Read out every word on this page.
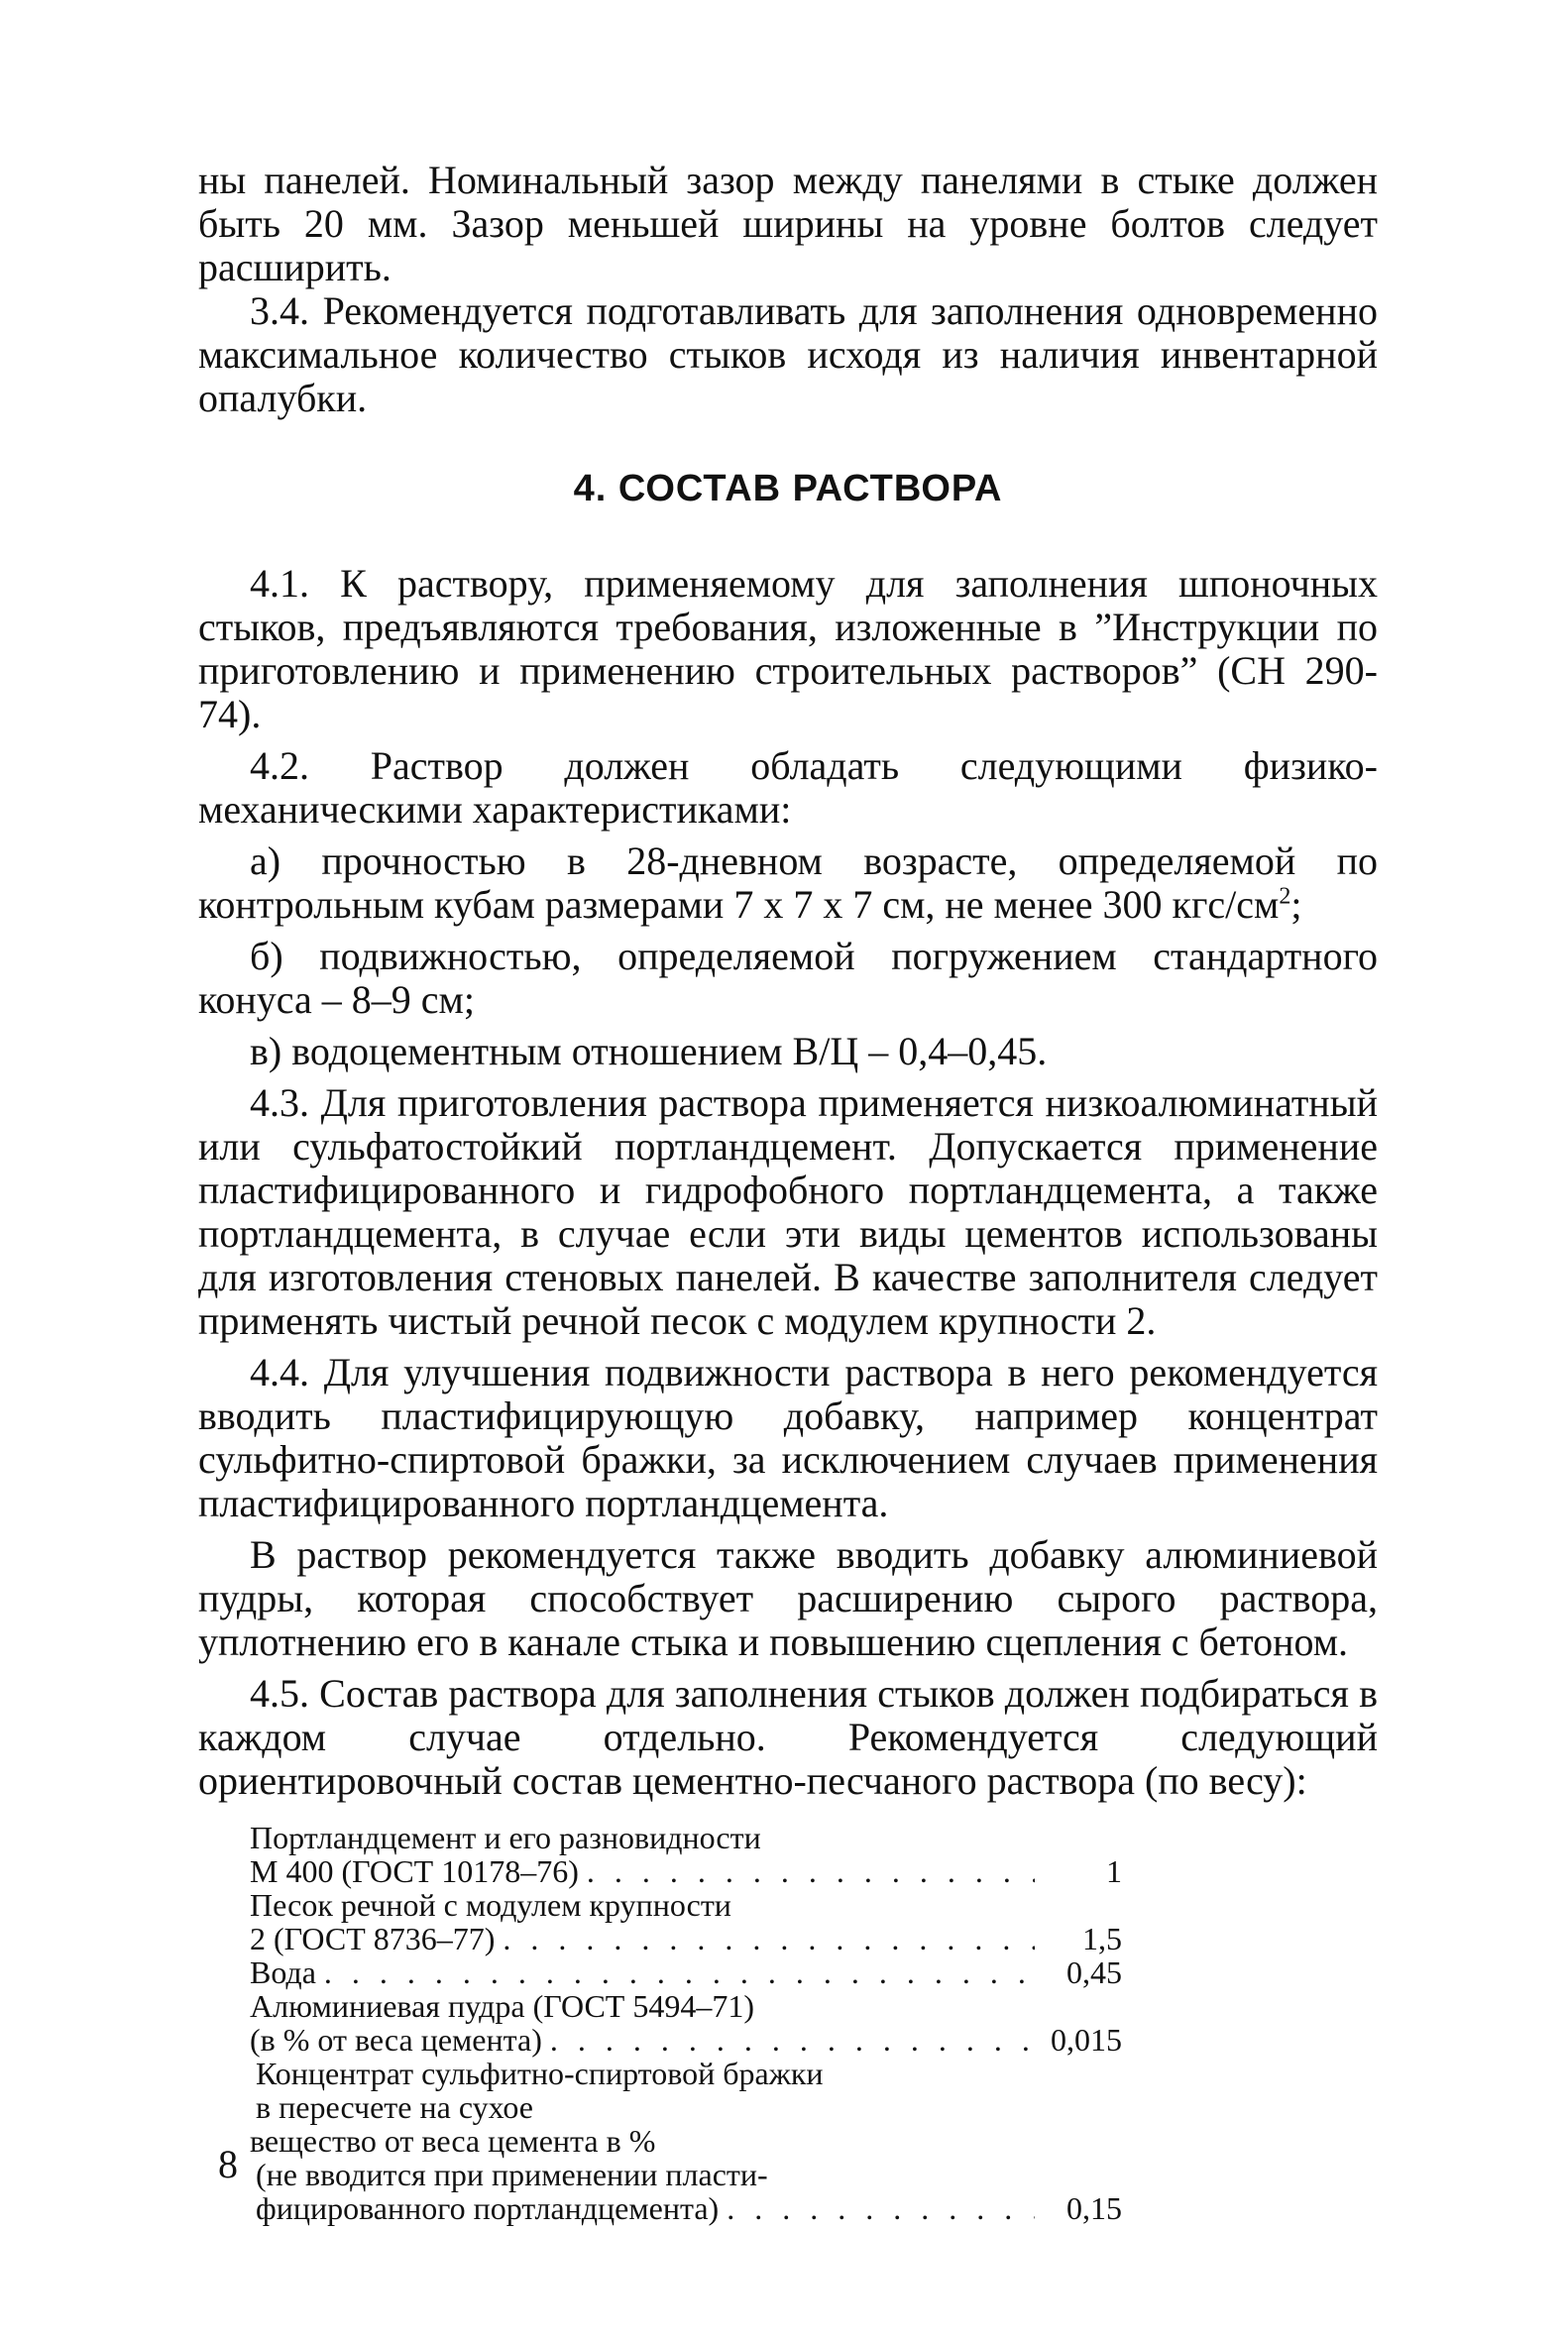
ны панелей. Номинальный зазор между панелями в стыке должен быть 20 мм. Зазор меньшей ширины на уровне болтов следует расширить.

3.4. Рекомендуется подготавливать для заполнения одновременно максимальное количество стыков исходя из наличия инвентарной опалубки.

4. СОСТАВ РАСТВОРА

4.1. К раствору, применяемому для заполнения шпоночных стыков, предъявляются требования, изложенные в ”Инструкции по приготовлению и применению строительных растворов” (СН 290-74).

4.2. Раствор должен обладать следующими физико-механическими характеристиками:

а) прочностью в 28-дневном возрасте, определяемой по контрольным кубам размерами 7 х 7 х 7 см, не менее 300 кгс/$см^2$;

б) подвижностью, определяемой погружением стандартного конуса – 8–9 см;

в) водоцементным отношением В/Ц – 0,4–0,45.

4.3. Для приготовления раствора применяется низкоалюминатный или сульфатостойкий портландцемент. Допускается применение пластифицированного и гидрофобного портландцемента, а также портландцемента, в случае если эти виды цементов использованы для изготовления стеновых панелей. В качестве заполнителя следует применять чистый речной песок с модулем крупности 2.

4.4. Для улучшения подвижности раствора в него рекомендуется вводить пластифицирующую добавку, например концентрат сульфитно-спиртовой бражки, за исключением случаев применения пластифицированного портландцемента.

В раствор рекомендуется также вводить добавку алюминиевой пудры, которая способствует расширению сырого раствора, уплотнению его в канале стыка и повышению сцепления с бетоном.

4.5. Состав раствора для заполнения стыков должен подбираться в каждом случае отдельно. Рекомендуется следующий ориентировочный состав цементно-песчаного раствора (по весу):

Портландцемент и его разновидности
М 400 (ГОСТ 10178–76) . . .	1
Песок речной с модулем крупности
2 (ГОСТ 8736–77) . . .	1,5
Вода . . .	0,45
Алюминиевая пудра (ГОСТ 5494–71)
(в % от веса цемента) . . .	0,015
Концентрат сульфитно-спиртовой бражки
в пересчете на сухое
вещество от веса цемента в %
(не вводится при применении пласти-
фицированного портландцемента) . . .	0,15
8
